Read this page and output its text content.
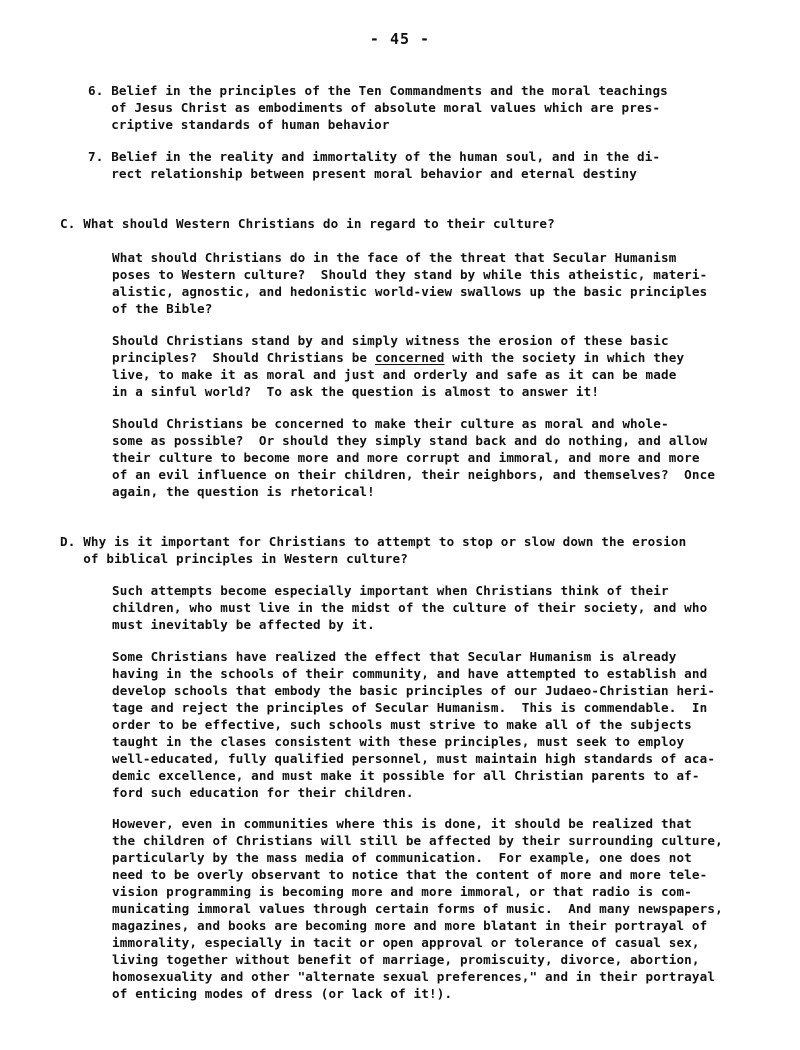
- 45 -
6. Belief in the principles of the Ten Commandments and the moral teachings
of Jesus Christ as embodiments of absolute moral values which are pres-
criptive standards of human behavior
7. Belief in the reality and immortality of the human soul, and in the di-
rect relationship between present moral behavior and eternal destiny
C. What should Western Christians do in regard to their culture?
What should Christians do in the face of the threat that Secular Humanism
poses to Western culture?  Should they stand by while this atheistic, materi-
alistic, agnostic, and hedonistic world-view swallows up the basic principles
of the Bible?
Should Christians stand by and simply witness the erosion of these basic
principles?  Should Christians be concerned with the society in which they
live, to make it as moral and just and orderly and safe as it can be made
in a sinful world?  To ask the question is almost to answer it!
Should Christians be concerned to make their culture as moral and whole-
some as possible?  Or should they simply stand back and do nothing, and allow
their culture to become more and more corrupt and immoral, and more and more
of an evil influence on their children, their neighbors, and themselves?  Once
again, the question is rhetorical!
D. Why is it important for Christians to attempt to stop or slow down the erosion
of biblical principles in Western culture?
Such attempts become especially important when Christians think of their
children, who must live in the midst of the culture of their society, and who
must inevitably be affected by it.
Some Christians have realized the effect that Secular Humanism is already
having in the schools of their community, and have attempted to establish and
develop schools that embody the basic principles of our Judaeo-Christian heri-
tage and reject the principles of Secular Humanism.  This is commendable.  In
order to be effective, such schools must strive to make all of the subjects
taught in the clases consistent with these principles, must seek to employ
well-educated, fully qualified personnel, must maintain high standards of aca-
demic excellence, and must make it possible for all Christian parents to af-
ford such education for their children.
However, even in communities where this is done, it should be realized that
the children of Christians will still be affected by their surrounding culture,
particularly by the mass media of communication.  For example, one does not
need to be overly observant to notice that the content of more and more tele-
vision programming is becoming more and more immoral, or that radio is com-
municating immoral values through certain forms of music.  And many newspapers,
magazines, and books are becoming more and more blatant in their portrayal of
immorality, especially in tacit or open approval or tolerance of casual sex,
living together without benefit of marriage, promiscuity, divorce, abortion,
homosexuality and other "alternate sexual preferences," and in their portrayal
of enticing modes of dress (or lack of it!).
